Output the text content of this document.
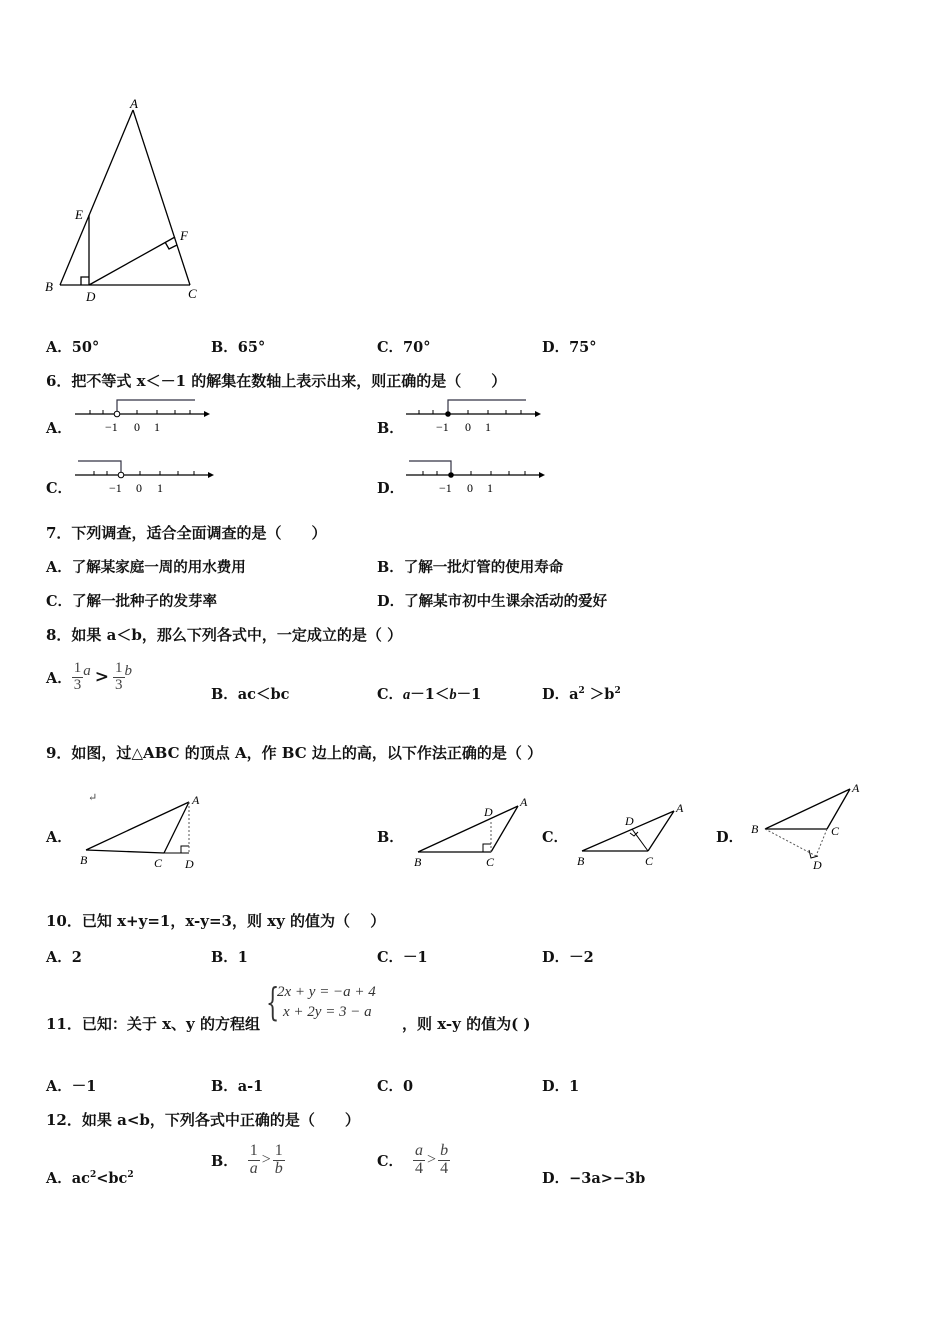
A
E
F
B
D	C
A．50°	B．65°	C．70°	D．75°
6．把不等式 x＜－1 的解集在数轴上表示出来，则正确的是（　　）
A．	−1 0 1	B．	−1 0 1
C．	−1 0 1	D．	−1 0 1
7．下列调查，适合全面调查的是（　　）
A．了解某家庭一周的用水费用	B．了解一批灯管的使用寿命
C．了解一批种子的发芽率	D．了解某市初中生课余活动的爱好
8．如果 a＜b，那么下列各式中，一定成立的是（ ）
A． $\frac{1}{3}$ $a > \frac{1}{3}$ b
B．ac＜bc	C．a－1＜b－1	D．$a^2 >b^2$
9．如图，过△ABC 的顶点 A，作 BC 边上的高，以下作法正确的是（ ）
↵
A．
A
B	C D
B．
A
D
B	C
C．
A
D
B	C
D．
A
B	C
D
10．已知 x+y=1，x-y=3，则 xy 的值为（　 ）
A．2	B．1	C．－1	D．－2
11．已知：关于 x、y 的方程组 {
2x + y = −a + 4
x + 2y = 3 − a
，则 x-y 的值为( )
A．－1	B．a-1	C．0	D．1
12．如果 a<b，下列各式中正确的是（　　）
A．$ac^2<bc^2$
B． $\frac{1}{a} > \frac{1}{b}$	C． $\frac{a}{4} > \frac{b}{4}$
D．−3a>−3b
